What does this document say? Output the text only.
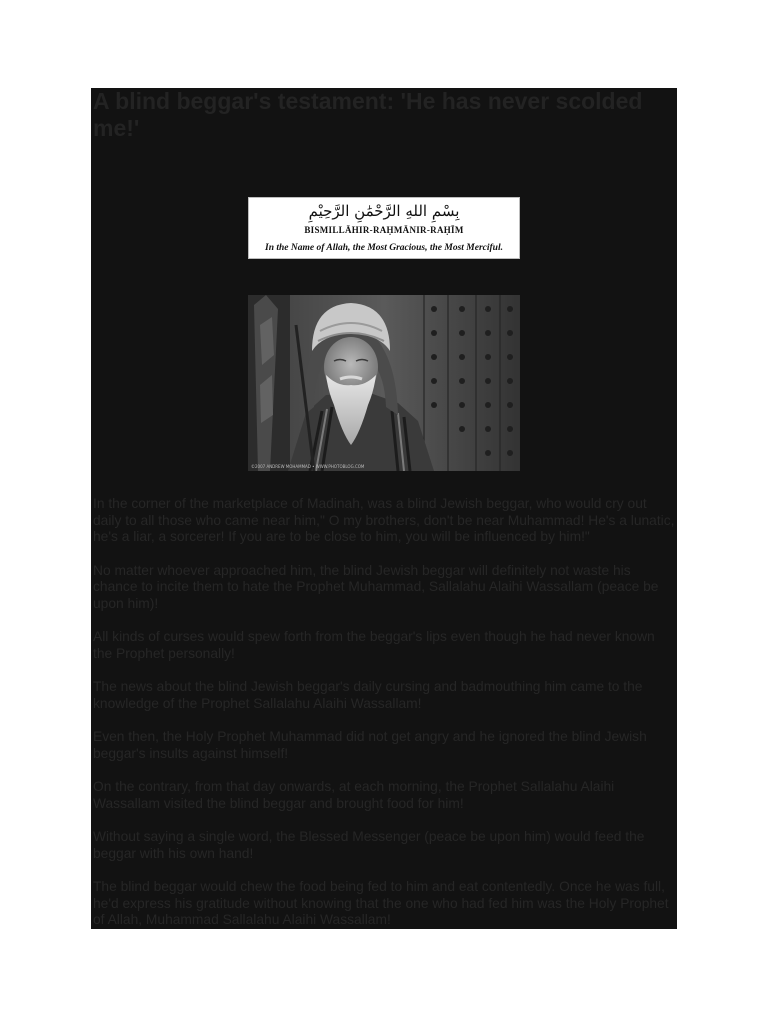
A blind beggar's testament: 'He has never scolded me!'
بِسْمِ اللهِ الرَّحْمَٰنِ الرَّحِيْمِ
BISMILLĀHIR-RAḤMĀNIR-RAḤĪM
In the Name of Allah, the Most Gracious, the Most Merciful.
©2007 ANDREW MOHAMMAD • WWW.PHOTOBLOG.COM

In the corner of the marketplace of Madinah, was a blind Jewish beggar, who would cry out daily to all those who came near him," O my brothers, don't be near Muhammad! He's a lunatic, he's a liar, a sorcerer! If you are to be close to him, you will be influenced by him!"

No matter whoever approached him, the blind Jewish beggar will definitely not waste his chance to incite them to hate the Prophet Muhammad, Sallalahu Alaihi Wassallam (peace be upon him)!

All kinds of curses would spew forth from the beggar's lips even though he had never known the Prophet personally!

The news about the blind Jewish beggar's daily cursing and badmouthing him came to the knowledge of the Prophet Sallalahu Alaihi Wassallam!

Even then, the Holy Prophet Muhammad did not get angry and he ignored the blind Jewish beggar's insults against himself!

On the contrary, from that day onwards, at each morning, the Prophet Sallalahu Alaihi Wassallam visited the blind beggar and brought food for him!

Without saying a single word, the Blessed Messenger (peace be upon him) would feed the beggar with his own hand!

The blind beggar would chew the food being fed to him and eat contentedly. Once he was full, he'd express his gratitude without knowing that the one who had fed him was the Holy Prophet of Allah, Muhammad Sallalahu Alaihi Wassallam!
